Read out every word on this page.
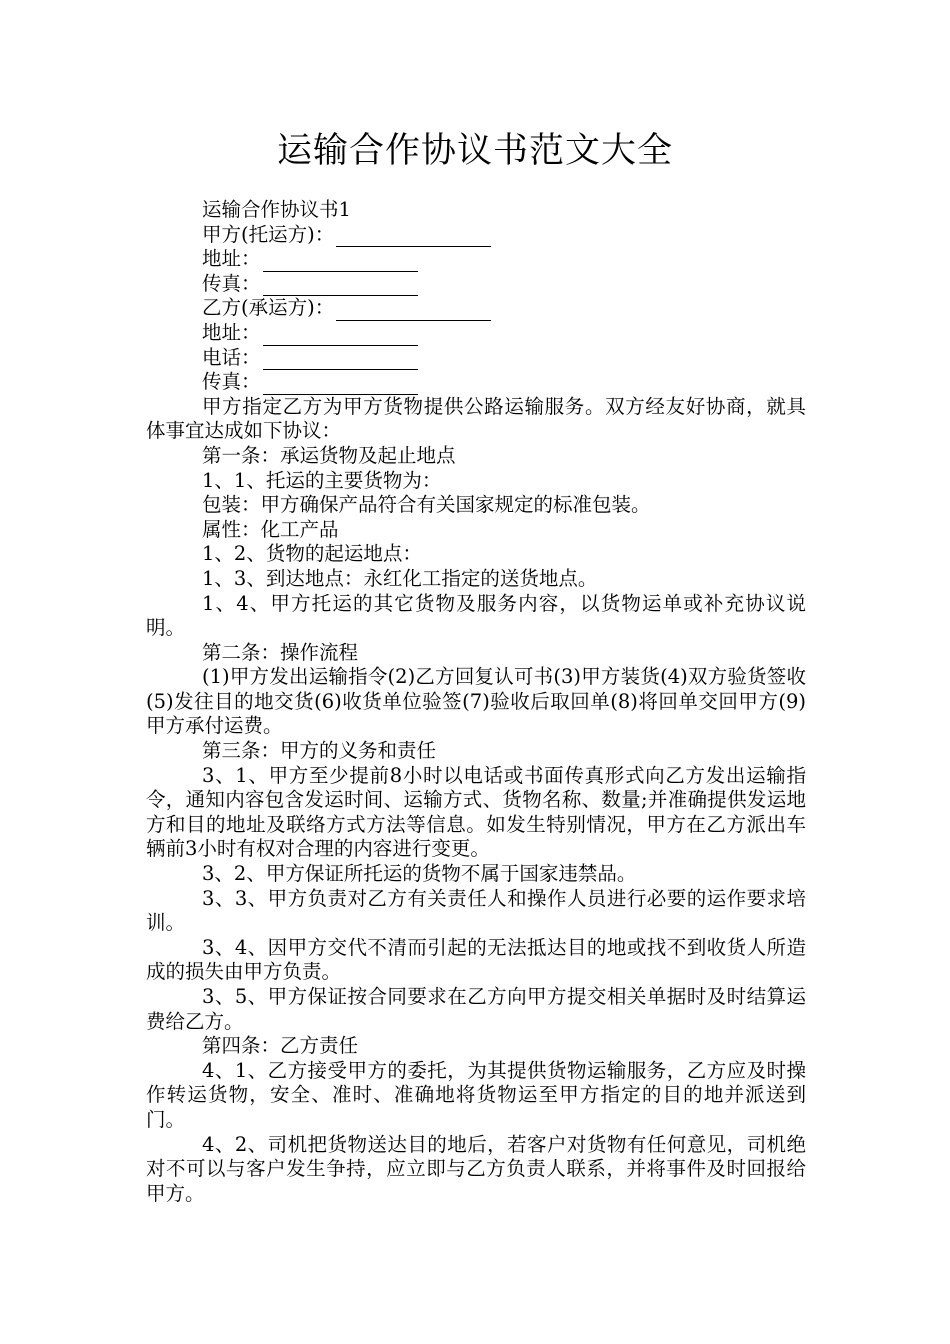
运输合作协议书范文大全

运输合作协议书1

甲方(托运方)：

地址：

传真：

乙方(承运方)：

地址：

电话：

传真：

甲方指定乙方为甲方货物提供公路运输服务。双方经友好协商，就具体事宜达成如下协议：

第一条：承运货物及起止地点

1、1、托运的主要货物为：

包装：甲方确保产品符合有关国家规定的标准包装。

属性：化工产品

1、2、货物的起运地点：

1、3、到达地点：永红化工指定的送货地点。

1、4、甲方托运的其它货物及服务内容，以货物运单或补充协议说明。

第二条：操作流程

(1)甲方发出运输指令(2)乙方回复认可书(3)甲方装货(4)双方验货签收(5)发往目的地交货(6)收货单位验签(7)验收后取回单(8)将回单交回甲方(9)甲方承付运费。

第三条：甲方的义务和责任

3、1、甲方至少提前8小时以电话或书面传真形式向乙方发出运输指令，通知内容包含发运时间、运输方式、货物名称、数量;并准确提供发运地方和目的地址及联络方式方法等信息。如发生特别情况，甲方在乙方派出车辆前3小时有权对合理的内容进行变更。

3、2、甲方保证所托运的货物不属于国家违禁品。

3、3、甲方负责对乙方有关责任人和操作人员进行必要的运作要求培训。

3、4、因甲方交代不清而引起的无法抵达目的地或找不到收货人所造成的损失由甲方负责。

3、5、甲方保证按合同要求在乙方向甲方提交相关单据时及时结算运费给乙方。

第四条：乙方责任

4、1、乙方接受甲方的委托，为其提供货物运输服务，乙方应及时操作转运货物，安全、准时、准确地将货物运至甲方指定的目的地并派送到门。

4、2、司机把货物送达目的地后，若客户对货物有任何意见，司机绝对不可以与客户发生争持，应立即与乙方负责人联系，并将事件及时回报给甲方。
